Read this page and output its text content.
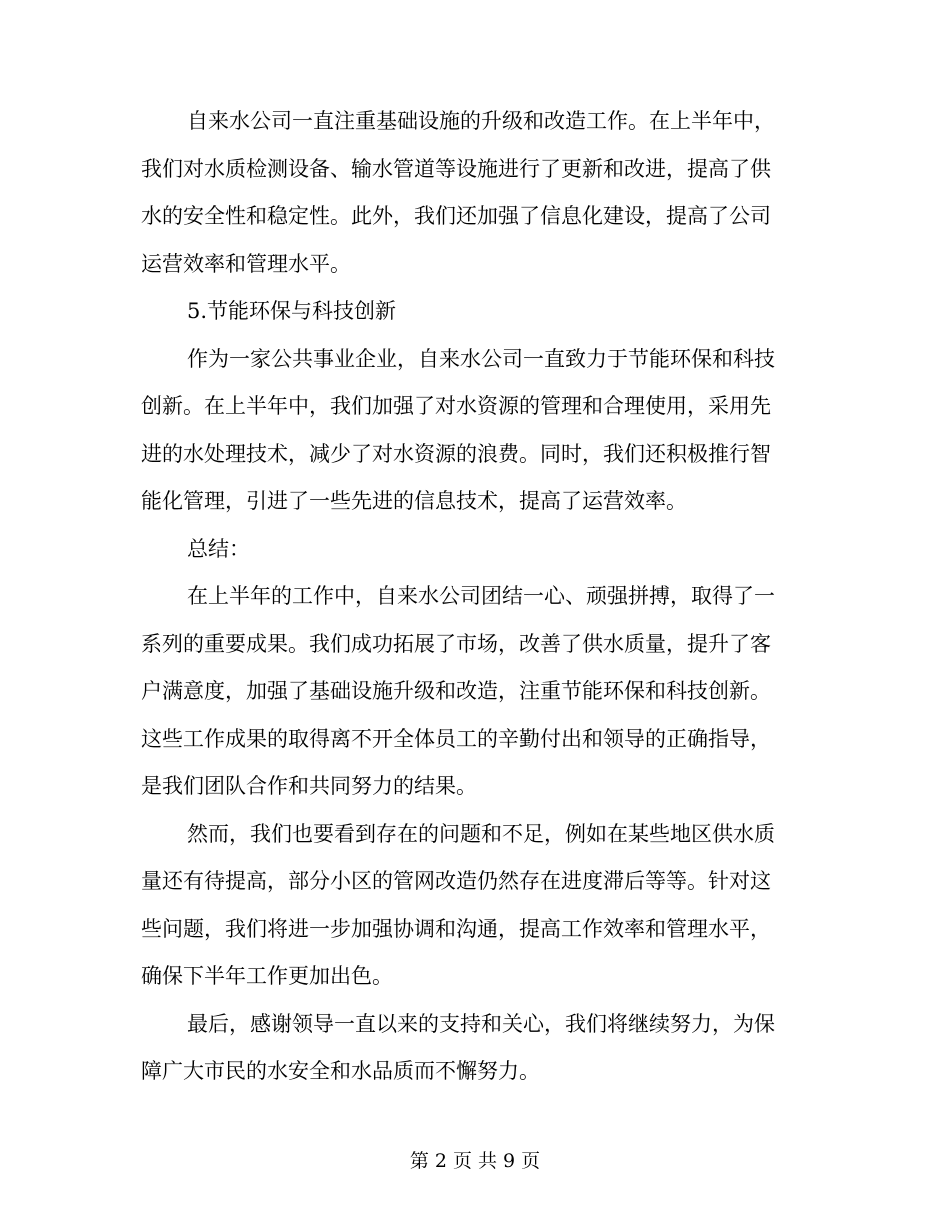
自来水公司一直注重基础设施的升级和改造工作。在上半年中，
我们对水质检测设备、输水管道等设施进行了更新和改进，提高了供
水的安全性和稳定性。此外，我们还加强了信息化建设，提高了公司
运营效率和管理水平。

5.节能环保与科技创新

作为一家公共事业企业，自来水公司一直致力于节能环保和科技
创新。在上半年中，我们加强了对水资源的管理和合理使用，采用先
进的水处理技术，减少了对水资源的浪费。同时，我们还积极推行智
能化管理，引进了一些先进的信息技术，提高了运营效率。

总结：

在上半年的工作中，自来水公司团结一心、顽强拼搏，取得了一
系列的重要成果。我们成功拓展了市场，改善了供水质量，提升了客
户满意度，加强了基础设施升级和改造，注重节能环保和科技创新。
这些工作成果的取得离不开全体员工的辛勤付出和领导的正确指导，
是我们团队合作和共同努力的结果。

然而，我们也要看到存在的问题和不足，例如在某些地区供水质
量还有待提高，部分小区的管网改造仍然存在进度滞后等等。针对这
些问题，我们将进一步加强协调和沟通，提高工作效率和管理水平，
确保下半年工作更加出色。

最后，感谢领导一直以来的支持和关心，我们将继续努力，为保
障广大市民的水安全和水品质而不懈努力。

第 2 页 共 9 页
